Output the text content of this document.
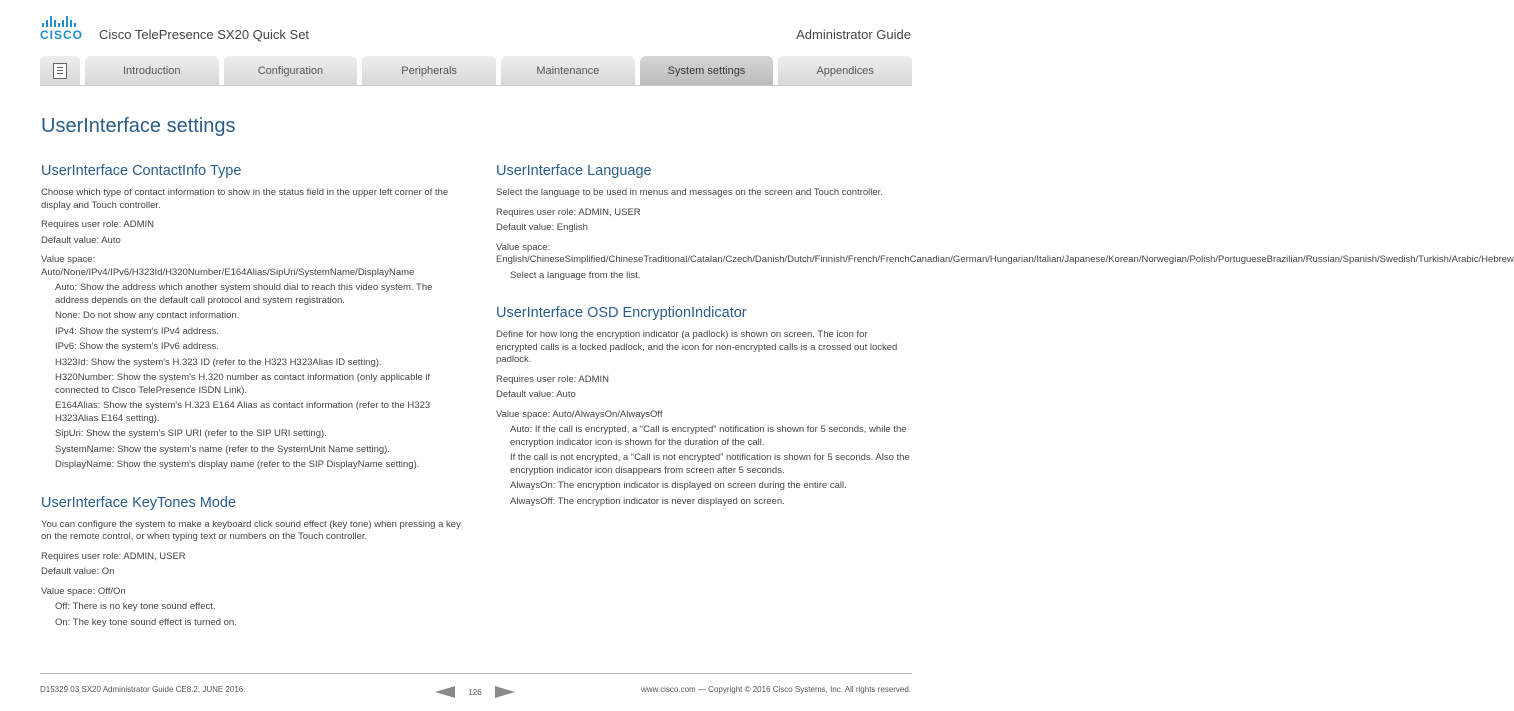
CISCO Cisco TelePresence SX20 Quick Set	Administrator Guide
Introduction	Configuration	Peripherals	Maintenance	System settings	Appendices
UserInterface settings
UserInterface ContactInfo Type

Choose which type of contact information to show in the status field in the upper left corner of the display and Touch controller.

Requires user role: ADMIN

Default value: Auto

Value space: Auto/None/IPv4/IPv6/H323Id/H320Number/E164Alias/SipUri/SystemName/DisplayName

Auto: Show the address which another system should dial to reach this video system. The address depends on the default call protocol and system registration.

None: Do not show any contact information.

IPv4: Show the system's IPv4 address.

IPv6: Show the system's IPv6 address.

H323Id: Show the system's H.323 ID (refer to the H323 H323Alias ID setting).

H320Number: Show the system's H.320 number as contact information (only applicable if connected to Cisco TelePresence ISDN Link).

E164Alias: Show the system's H.323 E164 Alias as contact information (refer to the H323 H323Alias E164 setting).

SipUri: Show the system's SIP URI (refer to the SIP URI setting).

SystemName: Show the system's name (refer to the SystemUnit Name setting).

DisplayName: Show the system's display name (refer to the SIP DisplayName setting).

UserInterface KeyTones Mode

You can configure the system to make a keyboard click sound effect (key tone) when pressing a key on the remote control, or when typing text or numbers on the Touch controller.

Requires user role: ADMIN, USER

Default value: On

Value space: Off/On

Off: There is no key tone sound effect.

On: The key tone sound effect is turned on.

UserInterface Language

Select the language to be used in menus and messages on the screen and Touch controller.

Requires user role: ADMIN, USER

Default value: English

Value space: English/ChineseSimplified/ChineseTraditional/Catalan/Czech/Danish/Dutch/Finnish/French/FrenchCanadian/German/Hungarian/Italian/Japanese/Korean/Norwegian/Polish/PortugueseBrazilian/Russian/Spanish/Swedish/Turkish/Arabic/Hebrew

Select a language from the list.

UserInterface OSD EncryptionIndicator

Define for how long the encryption indicator (a padlock) is shown on screen. The icon for encrypted calls is a locked padlock, and the icon for non-encrypted calls is a crossed out locked padlock.

Requires user role: ADMIN

Default value: Auto

Value space: Auto/AlwaysOn/AlwaysOff

Auto: If the call is encrypted, a “Call is encrypted” notification is shown for 5 seconds, while the encryption indicator icon is shown for the duration of the call.

If the call is not encrypted, a “Call is not encrypted” notification is shown for 5 seconds. Also the encryption indicator icon disappears from screen after 5 seconds.

AlwaysOn: The encryption indicator is displayed on screen during the entire call.

AlwaysOff: The encryption indicator is never displayed on screen.

D15329.03 SX20 Administrator Guide CE8.2, JUNE 2016.	126	www.cisco.com — Copyright © 2016 Cisco Systems, Inc. All rights reserved.
